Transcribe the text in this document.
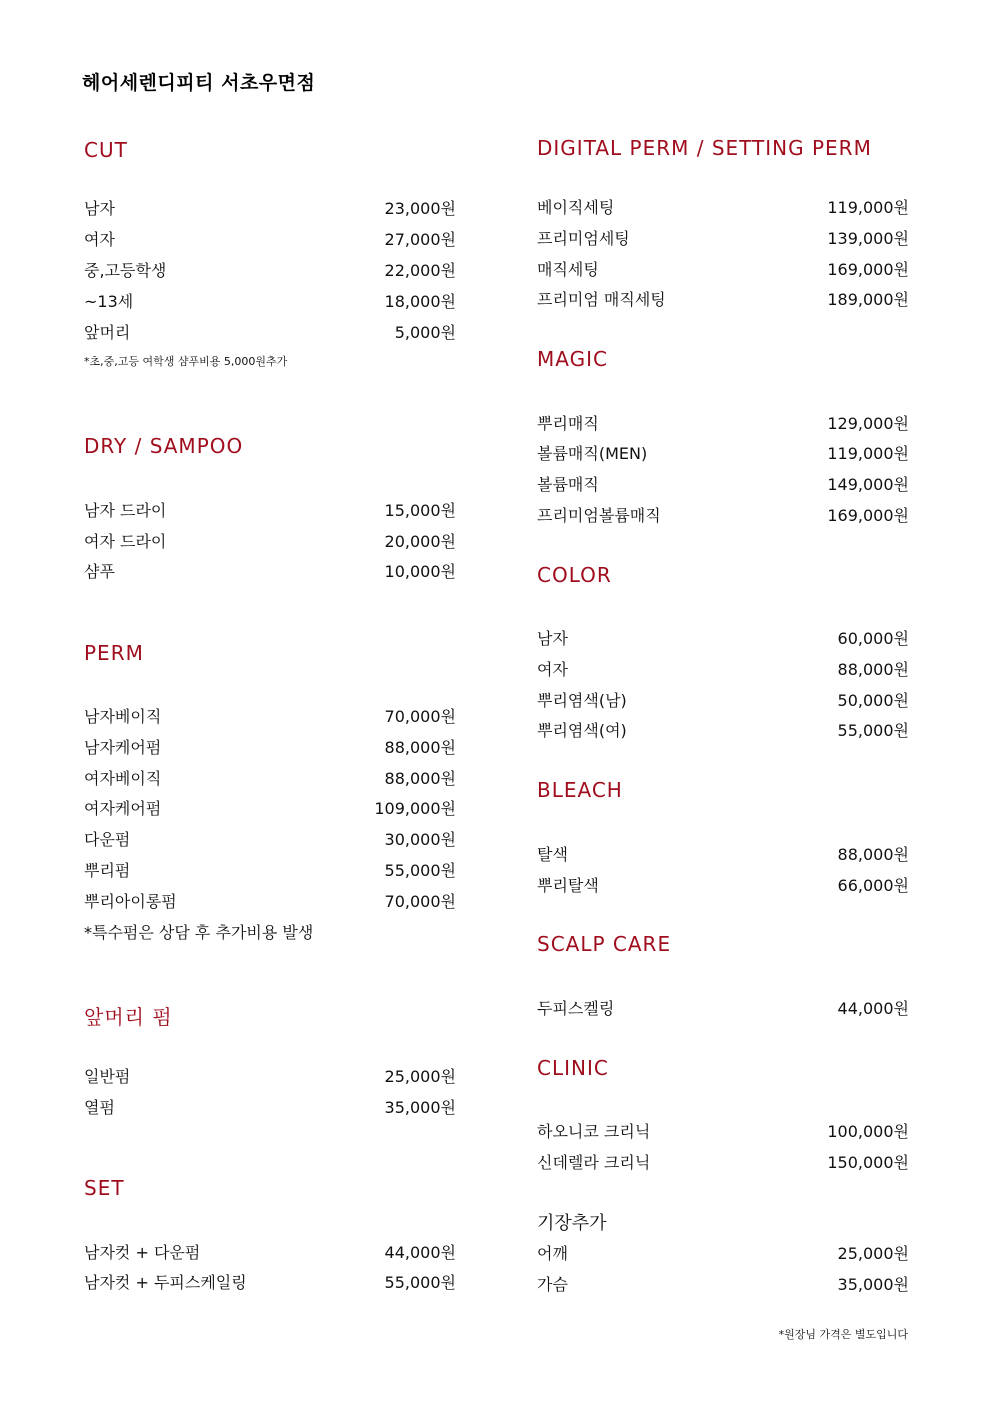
헤어세렌디피티 서초우면점
CUT
남자	23,000원
여자	27,000원
중,고등학생	22,000원
~13세	18,000원
앞머리	5,000원
*초,중,고등 여학생 샴푸비용 5,000원추가
DRY / SAMPOO
남자 드라이	15,000원
여자 드라이	20,000원
샴푸	10,000원
PERM
남자베이직	70,000원
남자케어펌	88,000원
여자베이직	88,000원
여자케어펌	109,000원
다운펌	30,000원
뿌리펌	55,000원
뿌리아이롱펌	70,000원
*특수펌은 상담 후 추가비용 발생
앞머리 펌
일반펌	25,000원
열펌	35,000원
SET
남자컷 + 다운펌	44,000원
남자컷 + 두피스케일링	55,000원
DIGITAL PERM / SETTING PERM
베이직세팅	119,000원
프리미엄세팅	139,000원
매직세팅	169,000원
프리미엄 매직세팅	189,000원
MAGIC
뿌리매직	129,000원
볼륨매직(MEN)	119,000원
볼륨매직	149,000원
프리미엄볼륨매직	169,000원
COLOR
남자	60,000원
여자	88,000원
뿌리염색(남)	50,000원
뿌리염색(여)	55,000원
BLEACH
탈색	88,000원
뿌리탈색	66,000원
SCALP CARE
두피스켈링	44,000원
CLINIC
하오니코 크리닉	100,000원
신데렐라 크리닉	150,000원
기장추가
어깨	25,000원
가슴	35,000원
*원장님 가격은 별도입니다
